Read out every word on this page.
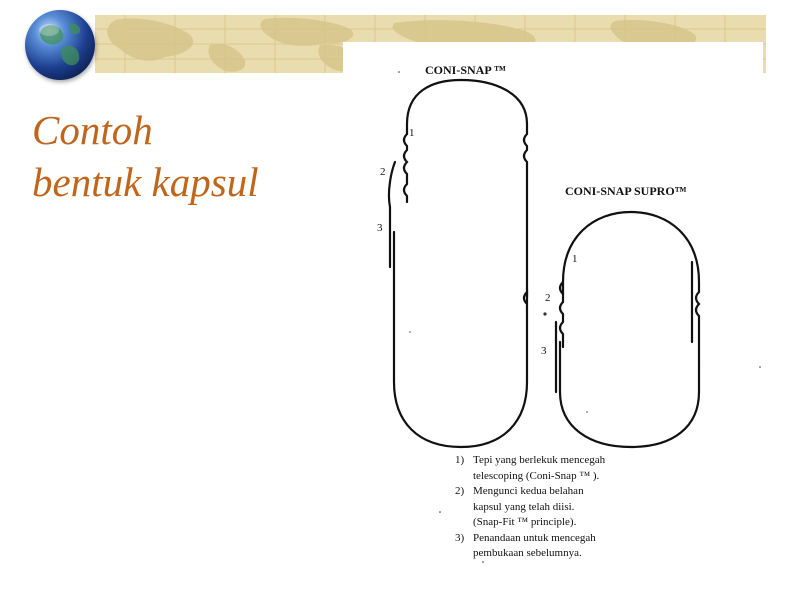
Contoh
bentuk kapsul
CONI-SNAP ™
CONI-SNAP SUPRO™
1
2
3
1
2
3
1) Tepi yang berlekuk mencegah
telescoping (Coni-Snap ™ ).
2) Mengunci kedua belahan
kapsul yang telah diisi.
(Snap-Fit ™ principle).
3) Penandaan untuk mencegah
pembukaan sebelumnya.
